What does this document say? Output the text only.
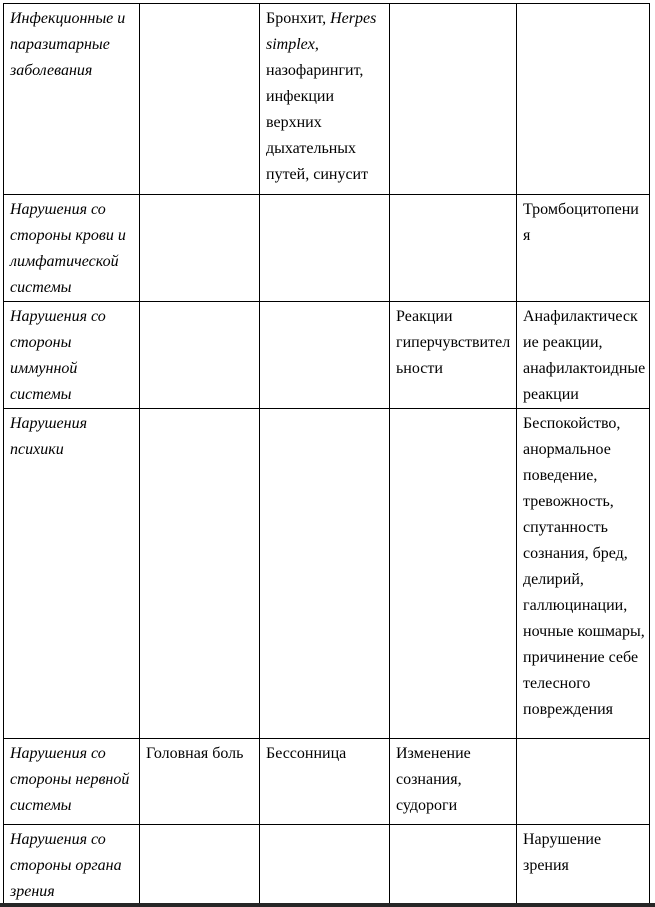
Инфекционные и паразитарные заболевания		Бронхит, Herpes simplex, назофарингит, инфекции верхних дыхательных путей, синусит		
Нарушения со стороны крови и лимфатической системы				Тромбоцитопения
Нарушения со стороны иммунной системы			Реакции гиперчувствительности	Анафилактические реакции, анафилактоидные реакции
Нарушения психики				Беспокойство, анормальное поведение, тревожность, спутанность сознания, бред, делирий, галлюцинации, ночные кошмары, причинение себе телесного повреждения
Нарушения со стороны нервной системы	Головная боль	Бессонница	Изменение сознания, судороги	
Нарушения со стороны органа зрения				Нарушение зрения
